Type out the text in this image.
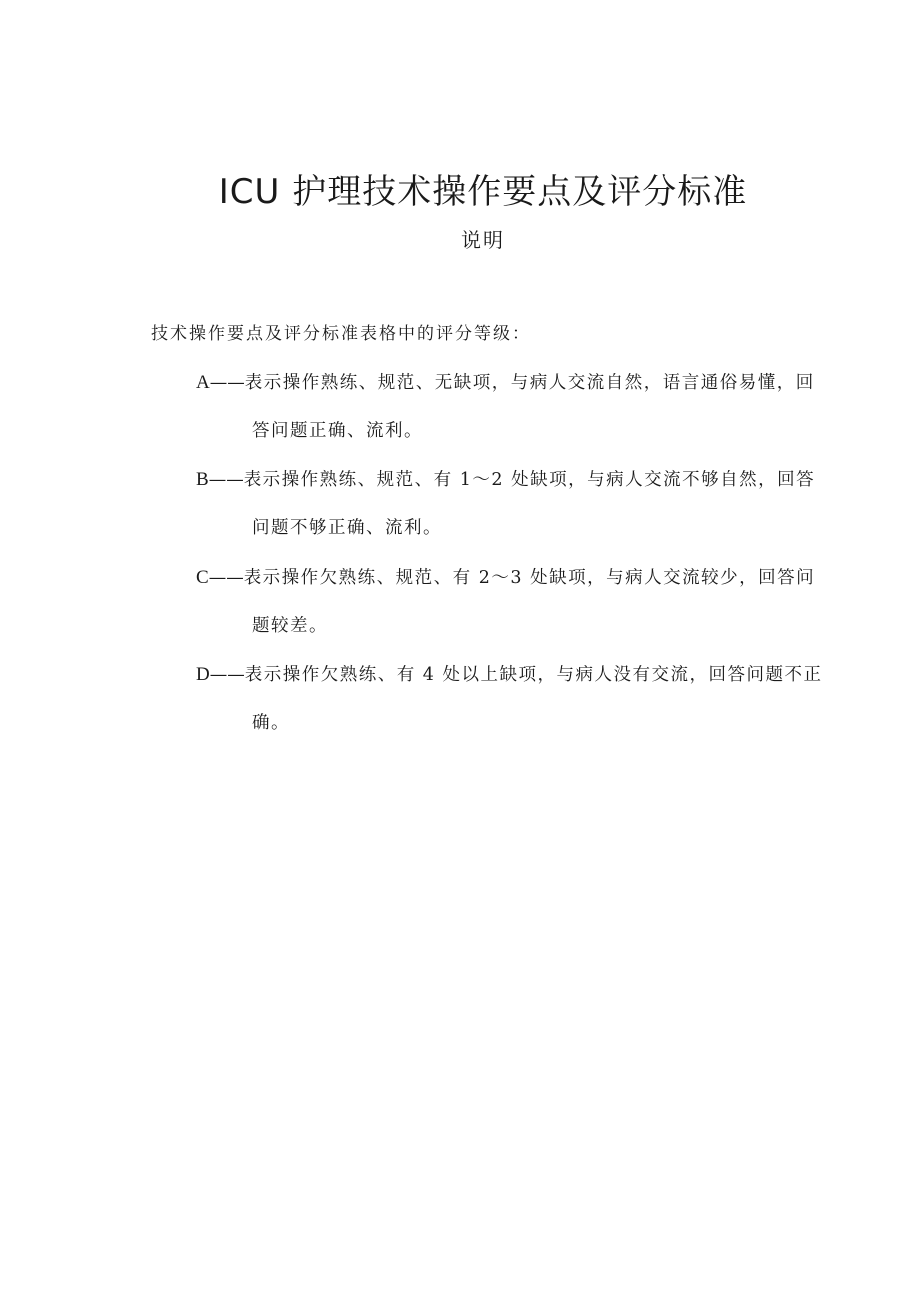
ICU 护理技术操作要点及评分标准
说明
技术操作要点及评分标准表格中的评分等级：
A——表示操作熟练、规范、无缺项，与病人交流自然，语言通俗易懂，回
答问题正确、流利。
B——表示操作熟练、规范、有 1～2 处缺项，与病人交流不够自然，回答
问题不够正确、流利。
C——表示操作欠熟练、规范、有 2～3 处缺项，与病人交流较少，回答问
题较差。
D——表示操作欠熟练、有 4 处以上缺项，与病人没有交流，回答问题不正
确。
